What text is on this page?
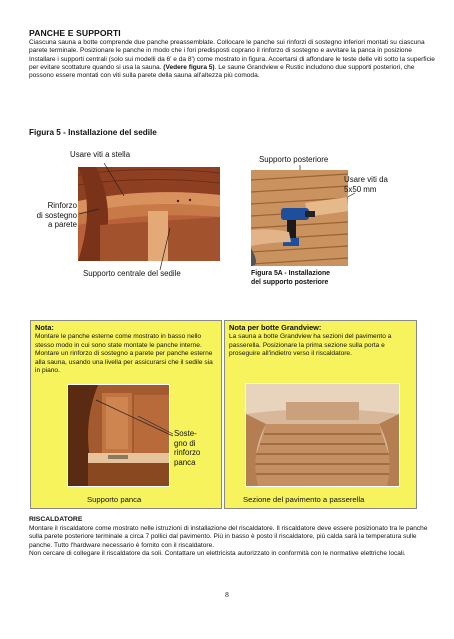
PANCHE E SUPPORTI
Ciascuna sauna a botte comprende due panche preassemblate. Collocare le panche sui rinforzi di sostegno inferiori montati su ciascuna parete terminale. Posizionare le panche in modo che i fori predisposti coprano il rinforzo di sostegno e avvitare la panca in posizione Installare i supporti centrali (solo sui modelli da 6' e da 8') come mostrato in figura. Accertarsi di affondare le teste delle viti sotto la superficie per evitare scottature quando si usa la sauna. (Vedere figura 5). Le saune Grandview e Rustic includono due supporti posteriori, che possono essere montati con viti sulla parete della sauna all'altezza più comoda.
Figura 5 - Installazione del sedile
Usare viti a stella
Rinforzo
di sostegno
a parete
Supporto centrale del sedile
Supporto posteriore
Usare viti da
5x50 mm
Figura 5A - Installazione
del supporto posteriore
Nota:
Montare le panche esterne come mostrato in basso nello stesso modo in cui sono state montate le panche interne. Montare un rinforzo di sostegno a parete per panche esterne alla sauna, usando una livella per assicurarsi che il sedile sia in piano.
Soste-
gno di
rinforzo
panca
Supporto panca
Nota per botte Grandview:
La sauna a botte Grandview ha sezioni del pavimento a passerella. Posizionare la prima sezione sulla porta e proseguire all'indietro verso il riscaldatore.
Sezione del pavimento a passerella
RISCALDATORE
Montare il riscaldatore come mostrato nelle istruzioni di installazione del riscaldatore. Il riscaldatore deve essere posizionato tra le panche sulla parete posteriore terminale a circa 7 pollici dal pavimento. Più in basso è posto il riscaldatore, più calda sarà la temperatura sulle panche. Tutto l'hardware necessario è fornito con il riscaldatore.
Non cercare di collegare il riscaldatore da soli. Contattare un elettricista autorizzato in conformità con le normative elettriche locali.
8
